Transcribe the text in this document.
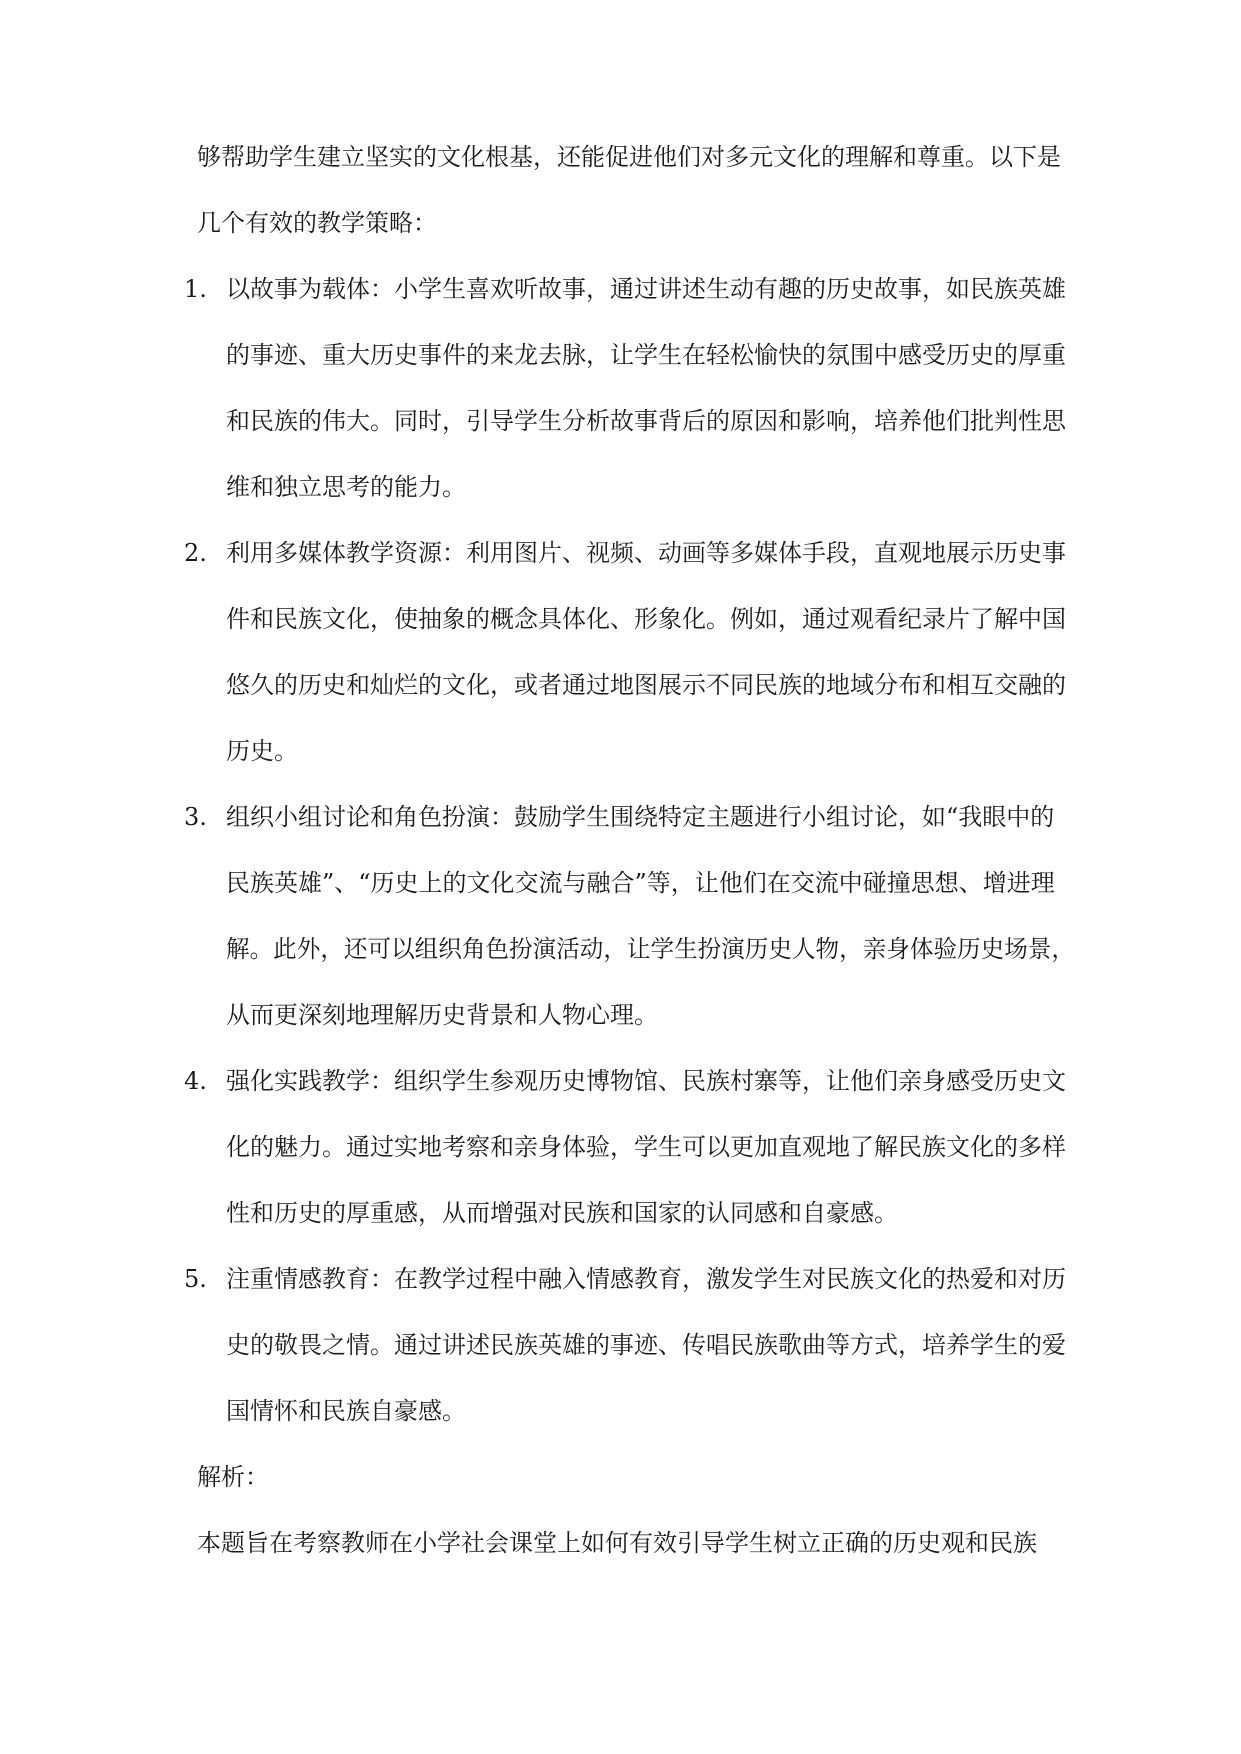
够帮助学生建立坚实的文化根基，还能促进他们对多元文化的理解和尊重。以下是
几个有效的教学策略：
1. 以故事为载体：小学生喜欢听故事，通过讲述生动有趣的历史故事，如民族英雄
的事迹、重大历史事件的来龙去脉，让学生在轻松愉快的氛围中感受历史的厚重
和民族的伟大。同时，引导学生分析故事背后的原因和影响，培养他们批判性思
维和独立思考的能力。
2. 利用多媒体教学资源：利用图片、视频、动画等多媒体手段，直观地展示历史事
件和民族文化，使抽象的概念具体化、形象化。例如，通过观看纪录片了解中国
悠久的历史和灿烂的文化，或者通过地图展示不同民族的地域分布和相互交融的
历史。
3. 组织小组讨论和角色扮演：鼓励学生围绕特定主题进行小组讨论，如“我眼中的
民族英雄”、“历史上的文化交流与融合”等，让他们在交流中碰撞思想、增进理
解。此外，还可以组织角色扮演活动，让学生扮演历史人物，亲身体验历史场景，
从而更深刻地理解历史背景和人物心理。
4. 强化实践教学：组织学生参观历史博物馆、民族村寨等，让他们亲身感受历史文
化的魅力。通过实地考察和亲身体验，学生可以更加直观地了解民族文化的多样
性和历史的厚重感，从而增强对民族和国家的认同感和自豪感。
5. 注重情感教育：在教学过程中融入情感教育，激发学生对民族文化的热爱和对历
史的敬畏之情。通过讲述民族英雄的事迹、传唱民族歌曲等方式，培养学生的爱
国情怀和民族自豪感。
解析：
本题旨在考察教师在小学社会课堂上如何有效引导学生树立正确的历史观和民族
